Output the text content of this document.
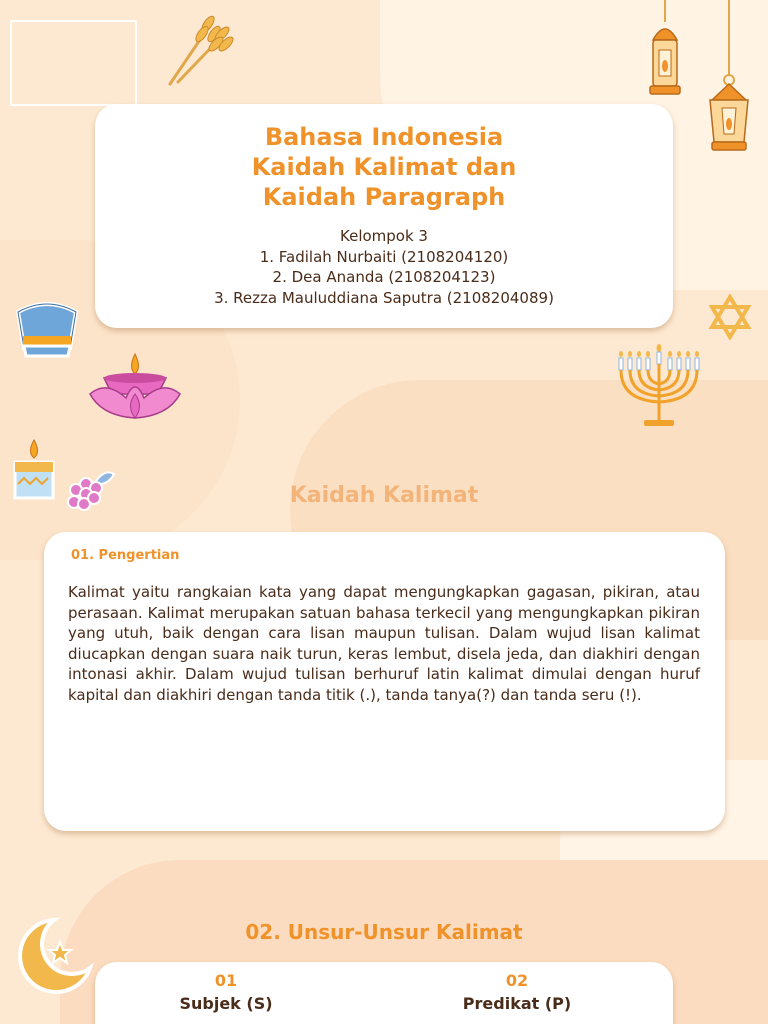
Bahasa Indonesia
Kaidah Kalimat dan
Kaidah Paragraph
Kelompok 3
1. Fadilah Nurbaiti (2108204120)
2. Dea Ananda (2108204123)
3. Rezza Mauluddiana Saputra (2108204089)
Kaidah Kalimat
01. Pengertian

Kalimat yaitu rangkaian kata yang dapat mengungkapkan gagasan, pikiran, atau perasaan. Kalimat merupakan satuan bahasa terkecil yang mengungkapkan pikiran yang utuh, baik dengan cara lisan maupun tulisan. Dalam wujud lisan kalimat diucapkan dengan suara naik turun, keras lembut, disela jeda, dan diakhiri dengan intonasi akhir. Dalam wujud tulisan berhuruf latin kalimat dimulai dengan huruf kapital dan diakhiri dengan tanda titik (.), tanda tanya(?) dan tanda seru (!).

02. Unsur-Unsur Kalimat
01
Subjek (S)
02
Predikat (P)
